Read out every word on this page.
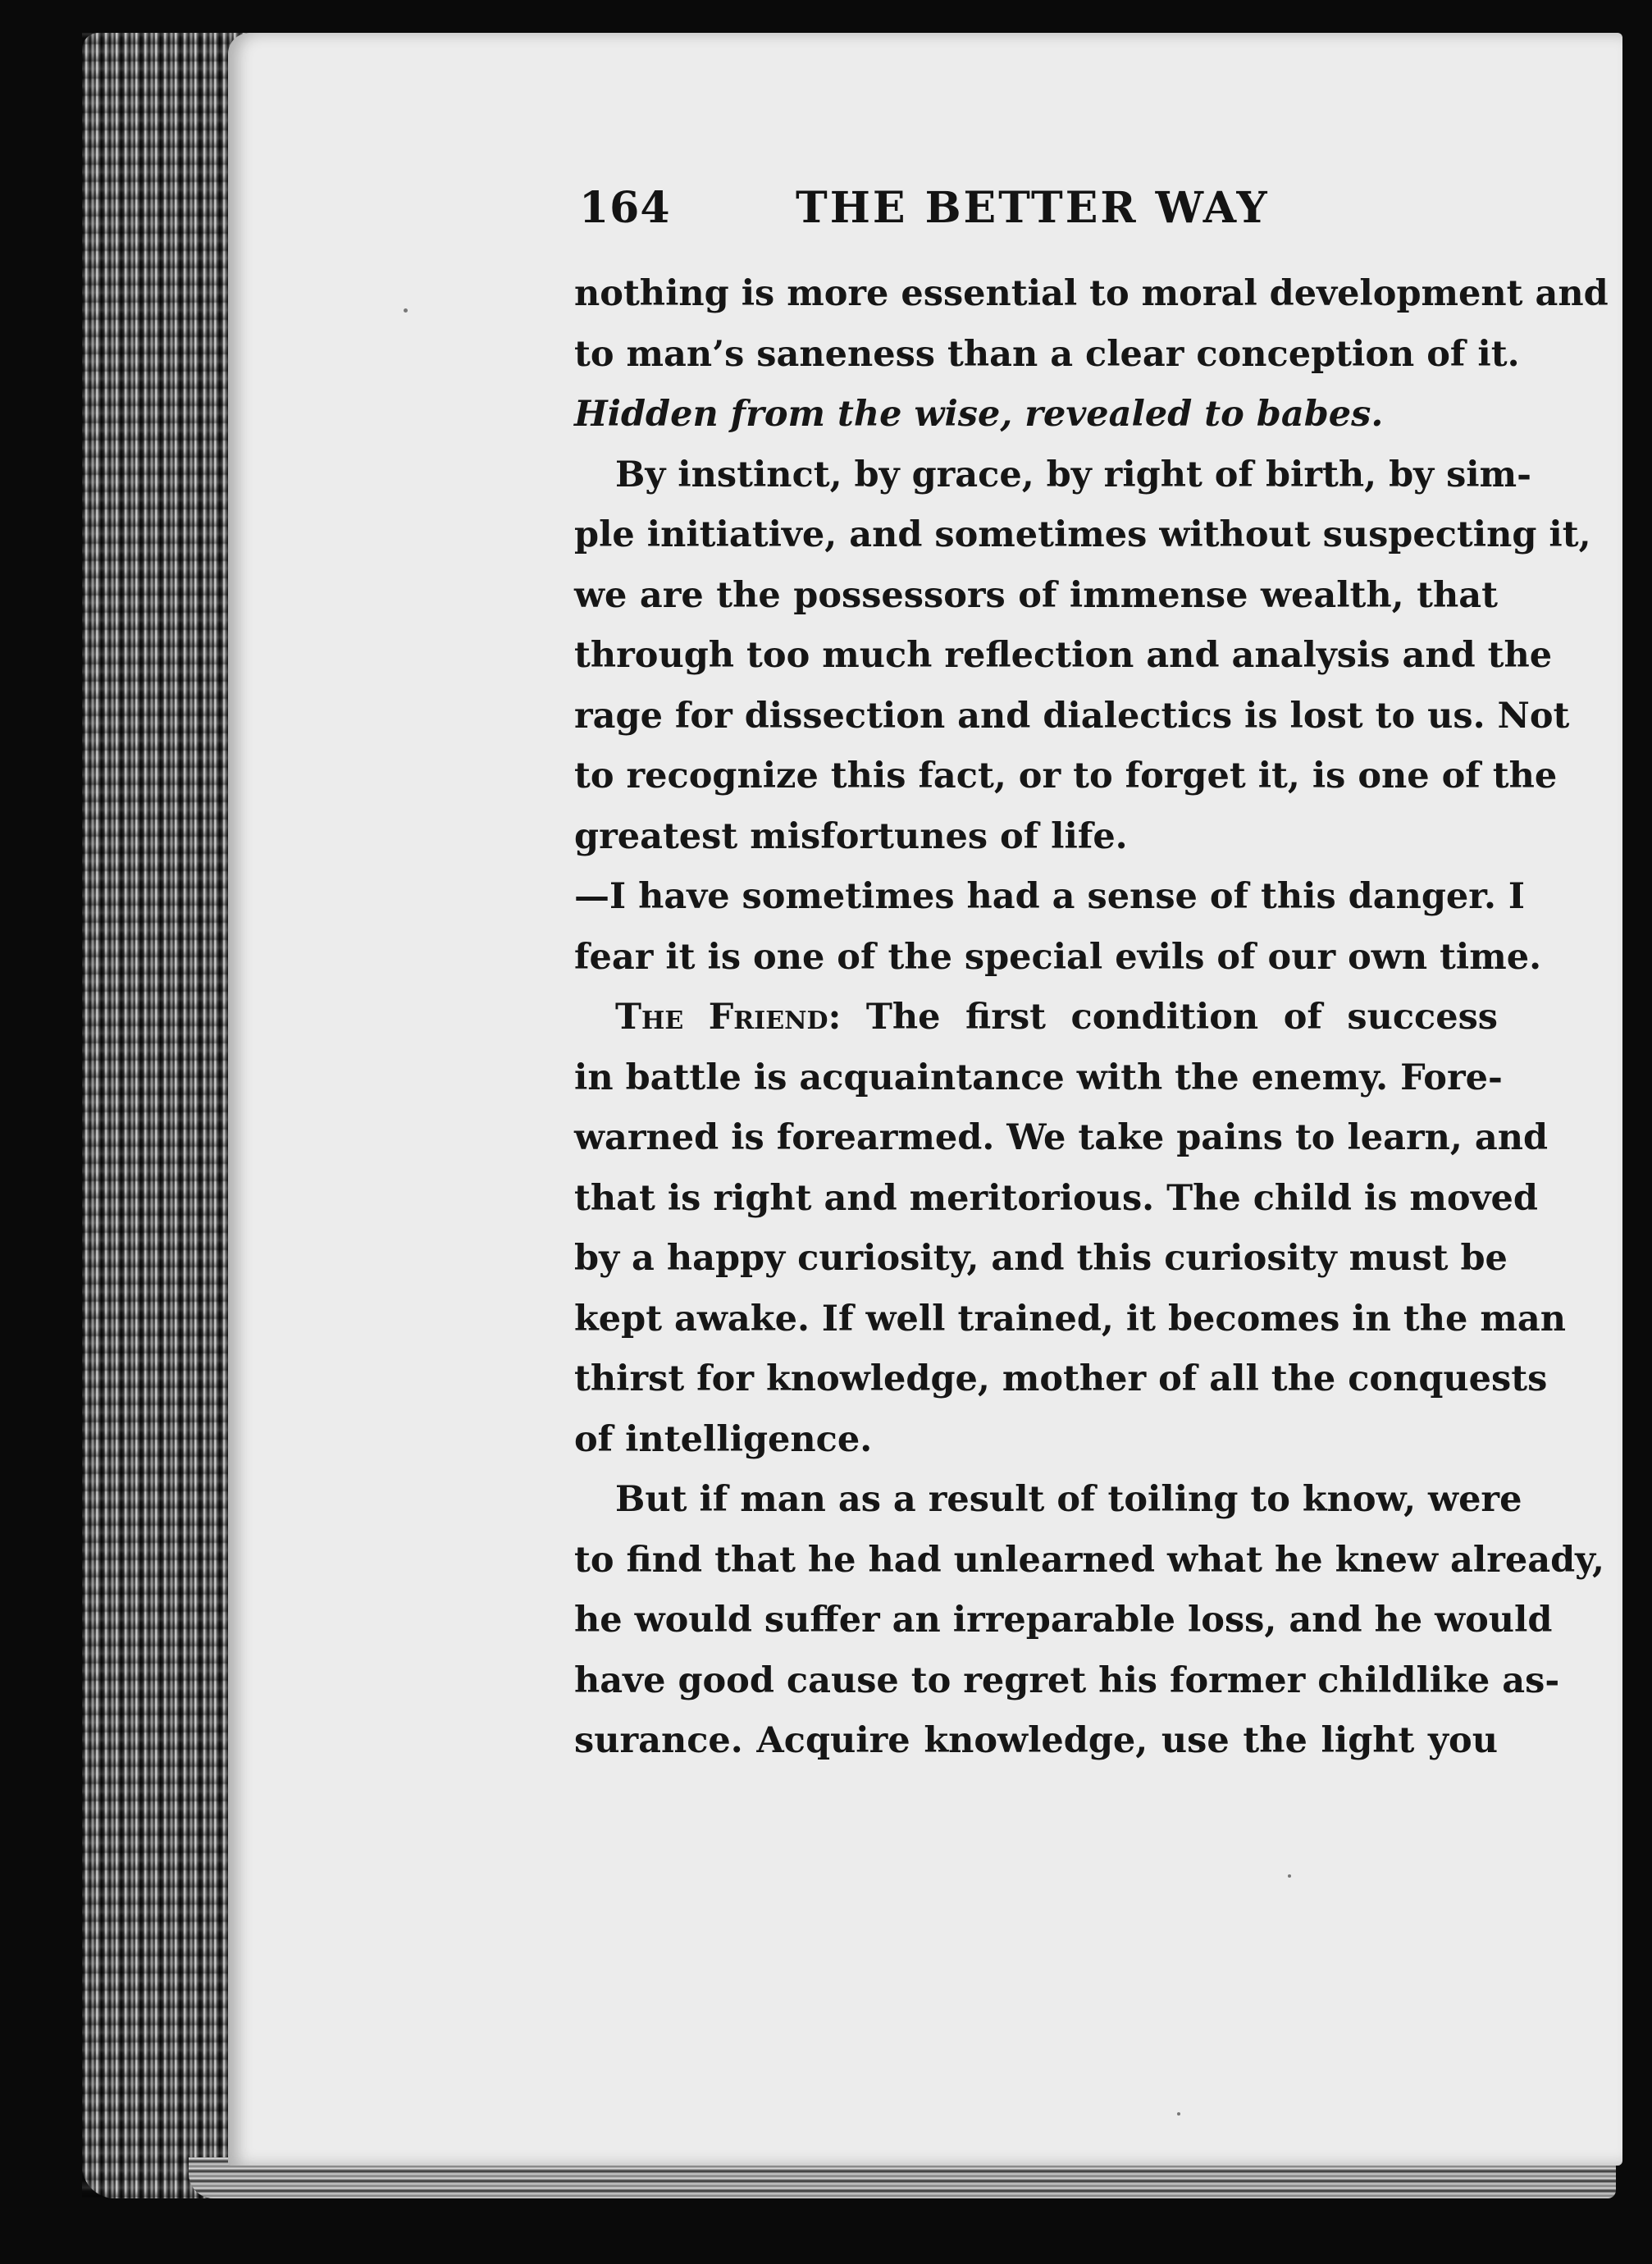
164	THE BETTER WAY
nothing is more essential to moral development and
to man’s saneness than a clear conception of it.
Hidden from the wise, revealed to babes.
By instinct, by grace, by right of birth, by sim-
ple initiative, and sometimes without suspecting it,
we are the possessors of immense wealth, that
through too much reflection and analysis and the
rage for dissection and dialectics is lost to us. Not
to recognize this fact, or to forget it, is one of the
greatest misfortunes of life.
—I have sometimes had a sense of this danger. I
fear it is one of the special evils of our own time.
The Friend: The first condition of success
in battle is acquaintance with the enemy. Fore-
warned is forearmed. We take pains to learn, and
that is right and meritorious. The child is moved
by a happy curiosity, and this curiosity must be
kept awake. If well trained, it becomes in the man
thirst for knowledge, mother of all the conquests
of intelligence.
But if man as a result of toiling to know, were
to find that he had unlearned what he knew already,
he would suffer an irreparable loss, and he would
have good cause to regret his former childlike as-
surance. Acquire knowledge, use the light you
